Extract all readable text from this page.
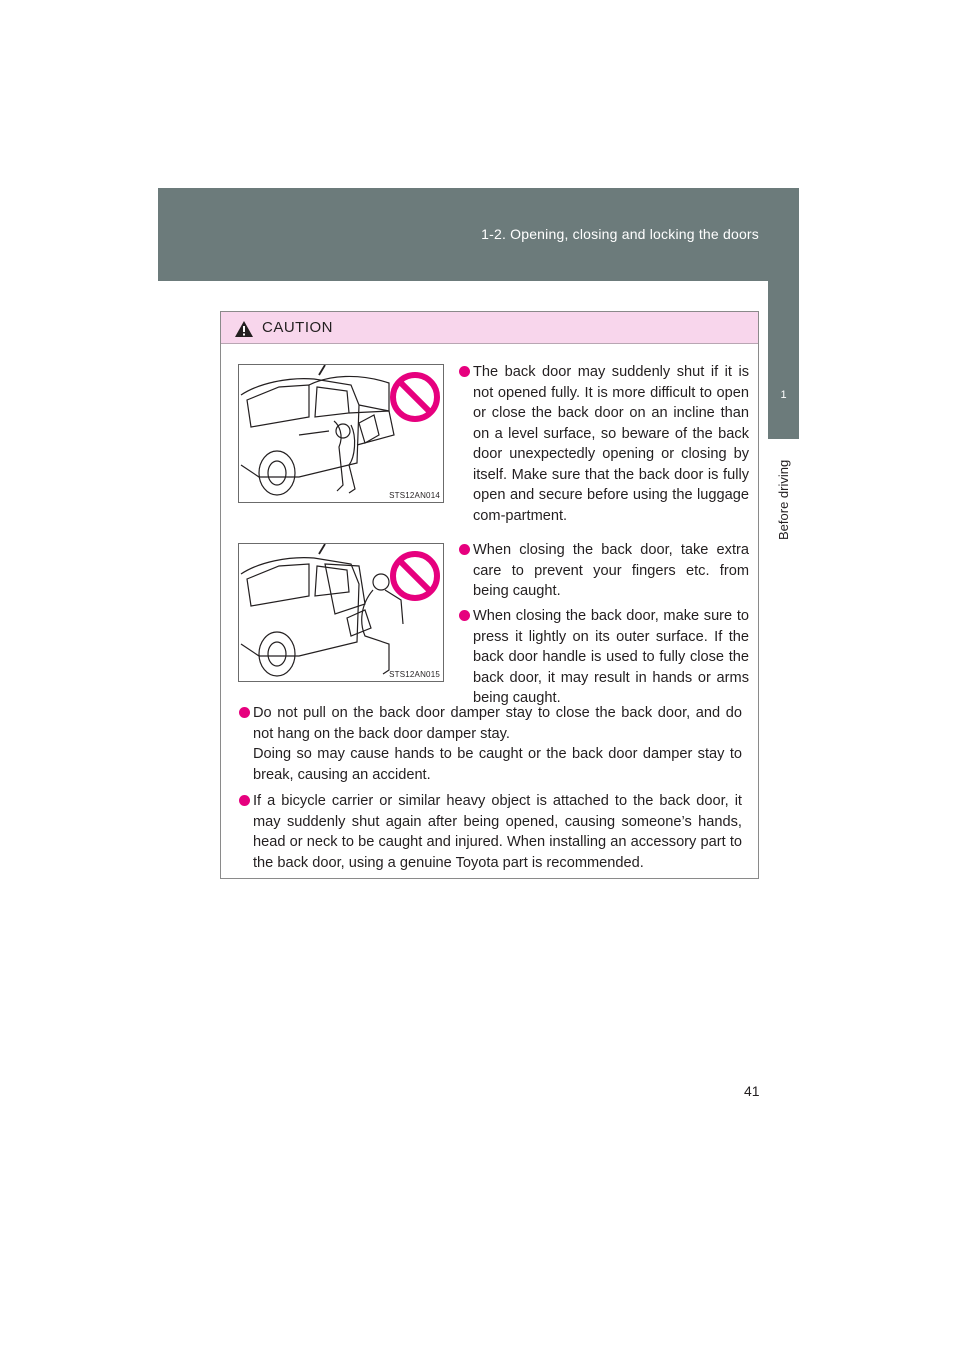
1-2. Opening, closing and locking the doors
1
Before driving
CAUTION
STS12AN014
STS12AN015
The back door may suddenly shut if it is not opened fully. It is more difficult to open or close the back door on an incline than on a level surface, so beware of the back door unexpectedly opening or closing by itself. Make sure that the back door is fully open and secure before using the luggage com-partment.
When closing the back door, take extra care to prevent your fingers etc. from being caught.
When closing the back door, make sure to press it lightly on its outer surface. If the back door handle is used to fully close the back door, it may result in hands or arms being caught.
Do not pull on the back door damper stay to close the back door, and do not hang on the back door damper stay.
Doing so may cause hands to be caught or the back door damper stay to break, causing an accident.
If a bicycle carrier or similar heavy object is attached to the back door, it may suddenly shut again after being opened, causing someone’s hands, head or neck to be caught and injured. When installing an accessory part to the back door, using a genuine Toyota part is recommended.
41
